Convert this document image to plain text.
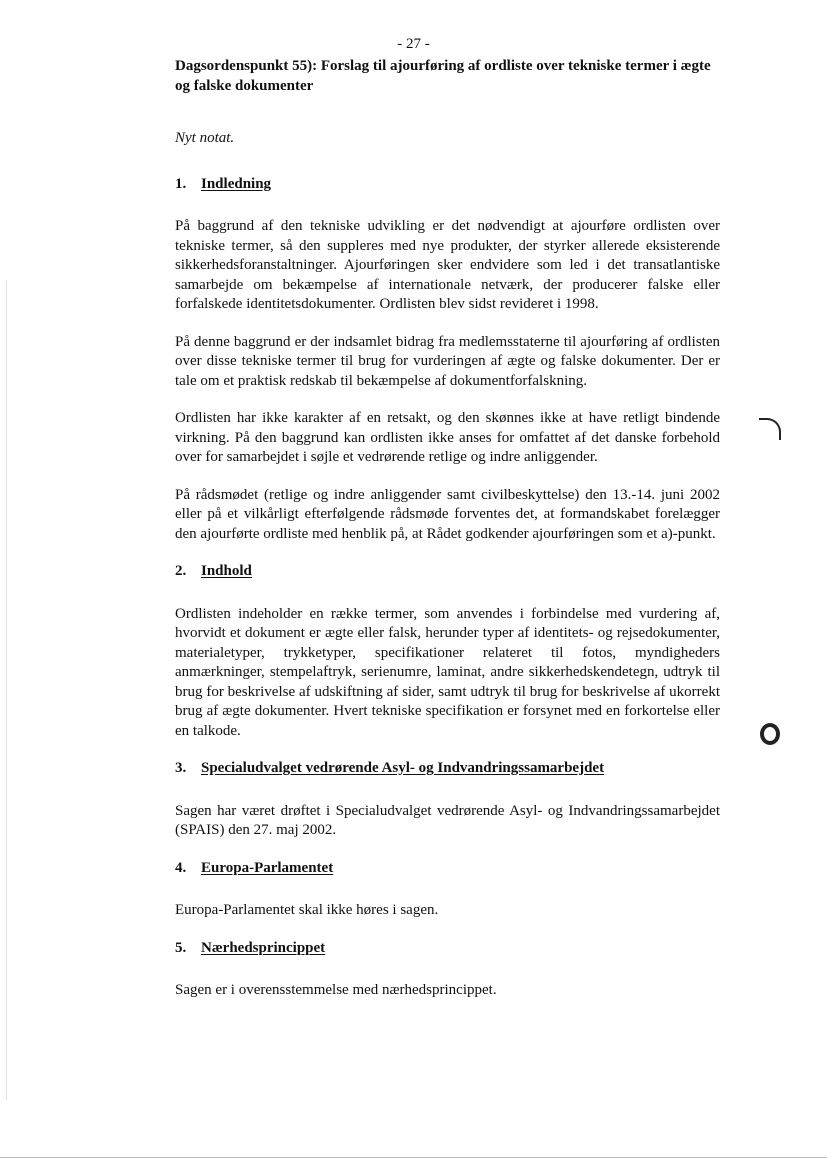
- 27 -

Dagsordenspunkt 55): Forslag til ajourføring af ordliste over tekniske termer i ægte og falske dokumenter

Nyt notat.

1. Indledning

På baggrund af den tekniske udvikling er det nødvendigt at ajourføre ordlisten over tekniske termer, så den suppleres med nye produkter, der styrker allerede eksisterende sikkerhedsforanstaltninger. Ajourføringen sker endvidere som led i det transatlantiske samarbejde om bekæmpelse af internationale netværk, der producerer falske eller forfalskede identitetsdokumenter. Ordlisten blev sidst revideret i 1998.

På denne baggrund er der indsamlet bidrag fra medlemsstaterne til ajourføring af ordlisten over disse tekniske termer til brug for vurderingen af ægte og falske dokumenter. Der er tale om et praktisk redskab til bekæmpelse af dokumentforfalskning.

Ordlisten har ikke karakter af en retsakt, og den skønnes ikke at have retligt bindende virkning. På den baggrund kan ordlisten ikke anses for omfattet af det danske forbehold over for samarbejdet i søjle et vedrørende retlige og indre anliggender.

På rådsmødet (retlige og indre anliggender samt civilbeskyttelse) den 13.-14. juni 2002 eller på et vilkårligt efterfølgende rådsmøde forventes det, at formandskabet forelægger den ajourførte ordliste med henblik på, at Rådet godkender ajourføringen som et a)-punkt.

2. Indhold

Ordlisten indeholder en række termer, som anvendes i forbindelse med vurdering af, hvorvidt et dokument er ægte eller falsk, herunder typer af identitets- og rejsedokumenter, materialetyper, trykketyper, specifikationer relateret til fotos, myndigheders anmærkninger, stempelaftryk, serienumre, laminat, andre sikkerhedskendetegn, udtryk til brug for beskrivelse af udskiftning af sider, samt udtryk til brug for beskrivelse af ukorrekt brug af ægte dokumenter. Hvert tekniske specifikation er forsynet med en forkortelse eller en talkode.

3. Specialudvalget vedrørende Asyl- og Indvandringssamarbejdet

Sagen har været drøftet i Specialudvalget vedrørende Asyl- og Indvandringssamarbejdet (SPAIS) den 27. maj 2002.

4. Europa-Parlamentet

Europa-Parlamentet skal ikke høres i sagen.

5. Nærhedsprincippet

Sagen er i overensstemmelse med nærhedsprincippet.
